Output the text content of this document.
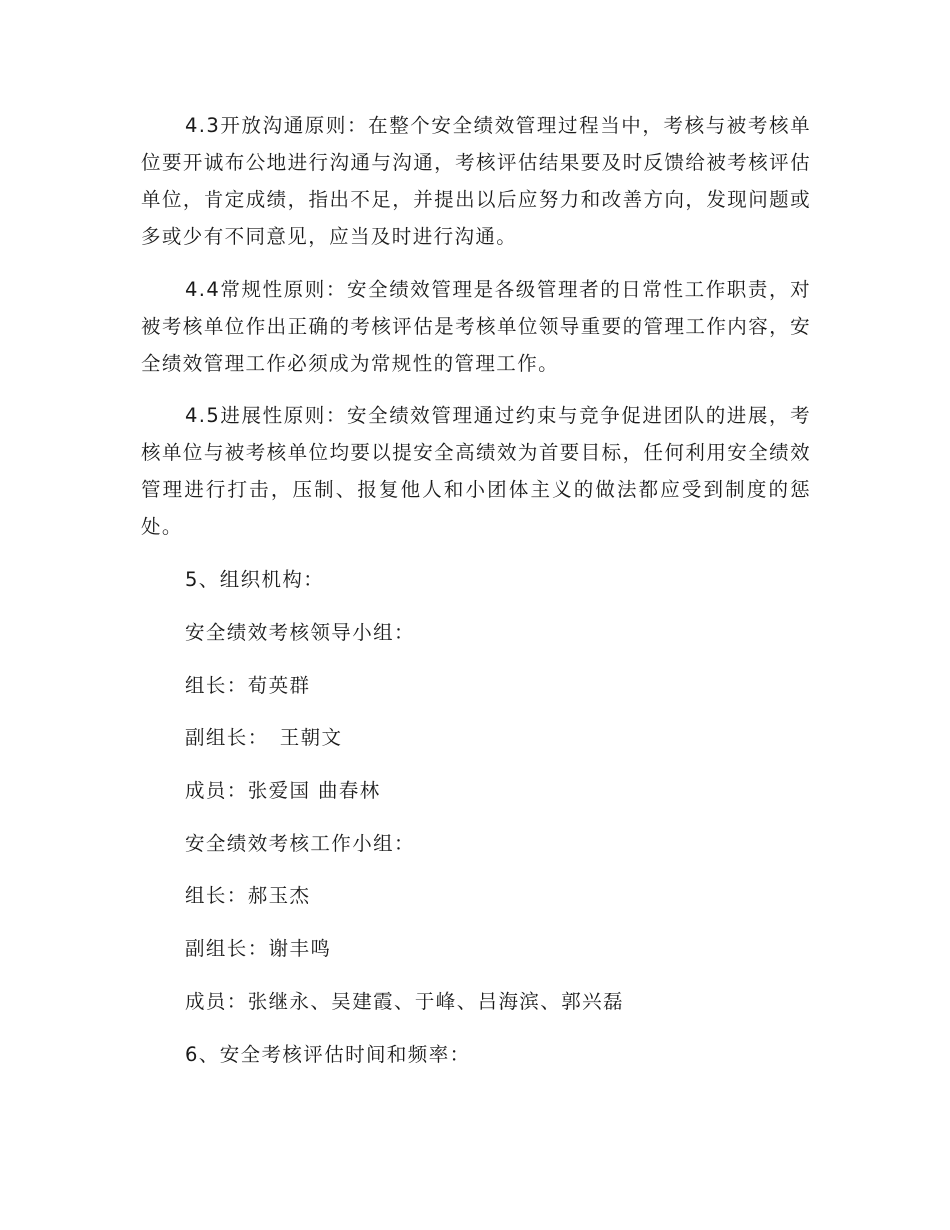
4.3开放沟通原则：在整个安全绩效管理过程当中，考核与被考核单位要开诚布公地进行沟通与沟通，考核评估结果要及时反馈给被考核评估单位，肯定成绩，指出不足，并提出以后应努力和改善方向，发现问题或多或少有不同意见，应当及时进行沟通。

4.4常规性原则：安全绩效管理是各级管理者的日常性工作职责，对被考核单位作出正确的考核评估是考核单位领导重要的管理工作内容，安全绩效管理工作必须成为常规性的管理工作。

4.5进展性原则：安全绩效管理通过约束与竞争促进团队的进展，考核单位与被考核单位均要以提安全高绩效为首要目标，任何利用安全绩效管理进行打击，压制、报复他人和小团体主义的做法都应受到制度的惩处。

5、组织机构：

安全绩效考核领导小组：

组长：荀英群

副组长：　王朝文

成员：张爱国 曲春林

安全绩效考核工作小组：

组长：郝玉杰

副组长：谢丰鸣

成员：张继永、吴建霞、于峰、吕海滨、郭兴磊

6、安全考核评估时间和频率：
